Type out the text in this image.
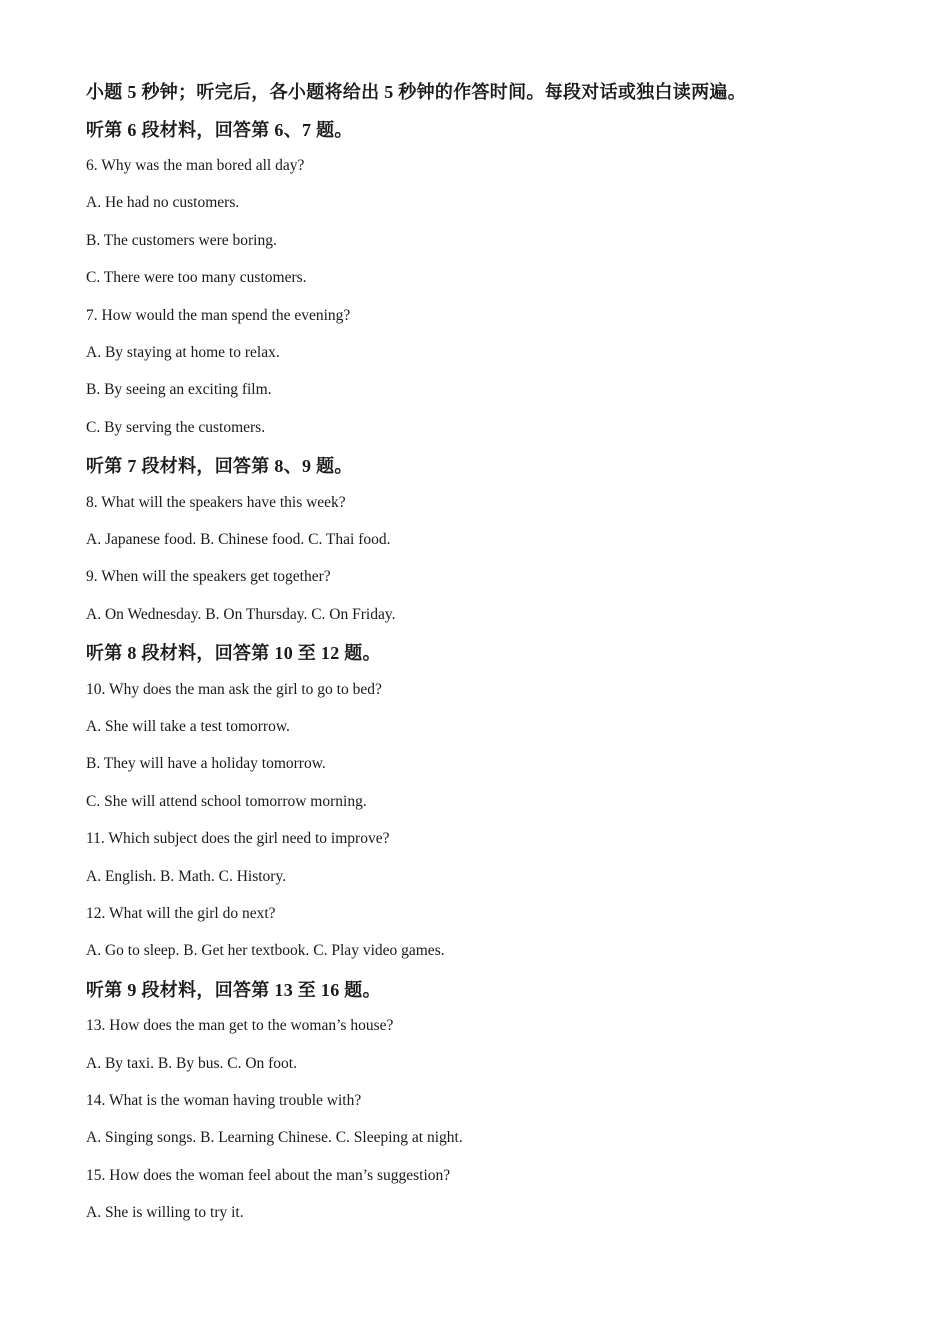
小题 5 秒钟；听完后，各小题将给出 5 秒钟的作答时间。每段对话或独白读两遍。

听第 6 段材料，回答第 6、7 题。

6. Why was the man bored all day?

A. He had no customers.

B. The customers were boring.

C. There were too many customers.

7. How would the man spend the evening?

A. By staying at home to relax.

B. By seeing an exciting film.

C. By serving the customers.

听第 7 段材料，回答第 8、9 题。

8. What will the speakers have this week?

A. Japanese food. B. Chinese food. C. Thai food.

9. When will the speakers get together?

A. On Wednesday. B. On Thursday. C. On Friday.

听第 8 段材料，回答第 10 至 12 题。

10. Why does the man ask the girl to go to bed?

A. She will take a test tomorrow.

B. They will have a holiday tomorrow.

C. She will attend school tomorrow morning.

11. Which subject does the girl need to improve?

A. English. B. Math. C. History.

12. What will the girl do next?

A. Go to sleep. B. Get her textbook. C. Play video games.

听第 9 段材料，回答第 13 至 16 题。

13. How does the man get to the woman’s house?

A. By taxi. B. By bus. C. On foot.

14. What is the woman having trouble with?

A. Singing songs. B. Learning Chinese. C. Sleeping at night.

15. How does the woman feel about the man’s suggestion?

A. She is willing to try it.
